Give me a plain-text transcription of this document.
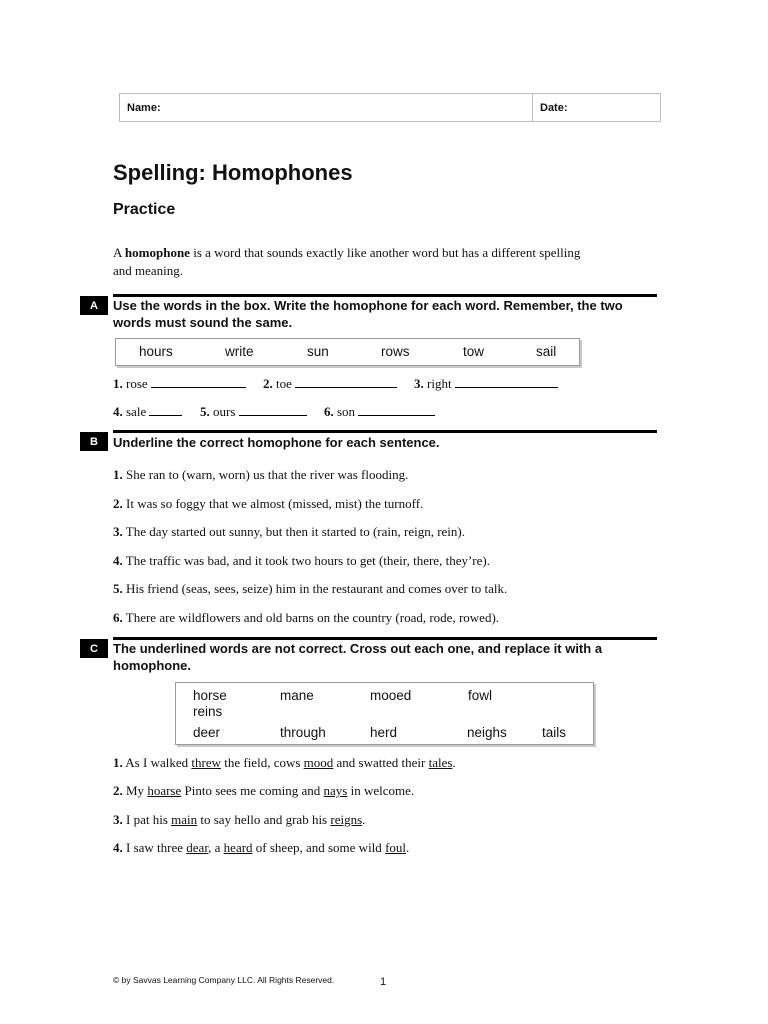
Name:	Date:
Spelling: Homophones
Practice
A homophone is a word that sounds exactly like another word but has a different spelling and meaning.
A	Use the words in the box. Write the homophone for each word. Remember, the two words must sound the same.
hours	write	sun	rows	tow	sail
1. rose	2. toe	3. right
4. sale	5. ours	6. son
B	Underline the correct homophone for each sentence.
1. She ran to (warn, worn) us that the river was flooding.
2. It was so foggy that we almost (missed, mist) the turnoff.
3. The day started out sunny, but then it started to (rain, reign, rein).
4. The traffic was bad, and it took two hours to get (their, there, they’re).
5. His friend (seas, sees, seize) him in the restaurant and comes over to talk.
6. There are wildflowers and old barns on the country (road, rode, rowed).
C	The underlined words are not correct. Cross out each one, and replace it with a homophone.
horse	mane	mooed	fowl
reins
deer	through	herd	neighs	tails
1. As I walked threw the field, cows mood and swatted their tales.
2. My hoarse Pinto sees me coming and nays in welcome.
3. I pat his main to say hello and grab his reigns.
4. I saw three dear, a heard of sheep, and some wild foul.
© by Savvas Learning Company LLC. All Rights Reserved.	1
